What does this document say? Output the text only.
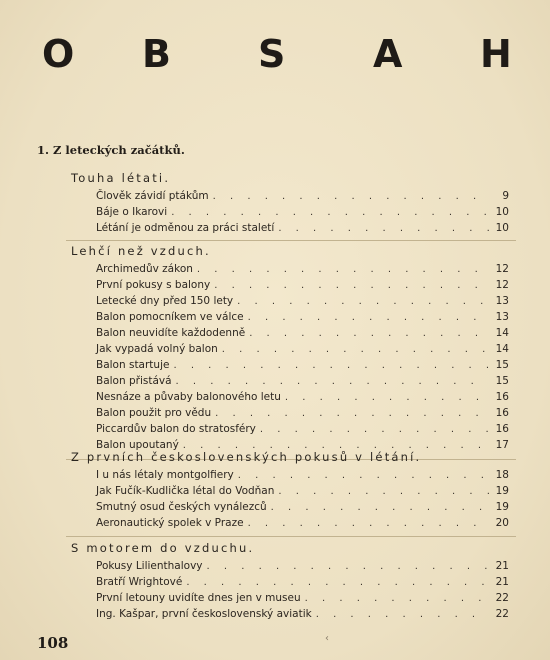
O B S A H
1. Z leteckých začátků.
Touha létati.
Člověk závidí ptákům . . .	9
Báje o Ikarovi . . .	10
Létání je odměnou za práci staletí . . .	10
Lehčí než vzduch.
Archimedův zákon . . .	12
První pokusy s balony . . .	12
Letecké dny před 150 lety . . .	13
Balon pomocníkem ve válce . . .	13
Balon neuvidíte každodenně . . .	14
Jak vypadá volný balon . . .	14
Balon startuje . . .	15
Balon přistává . . .	15
Nesnáze a půvaby balonového letu . . .	16
Balon použit pro vědu . . .	16
Piccardův balon do stratosféry . . .	16
Balon upoutaný . . .	17
Z prvních československých pokusů v létání.
I u nás létaly montgolfiery . . .	18
Jak Fučík-Kudlička létal do Vodňan . . .	19
Smutný osud českých vynálezců . . .	19
Aeronautický spolek v Praze . . .	20
S motorem do vzduchu.
Pokusy Lilienthalovy . . .	21
Bratří Wrightové . . .	21
První letouny uvidíte dnes jen v museu . . .	22
Ing. Kašpar, první československý aviatik . . .	22
‹
108
